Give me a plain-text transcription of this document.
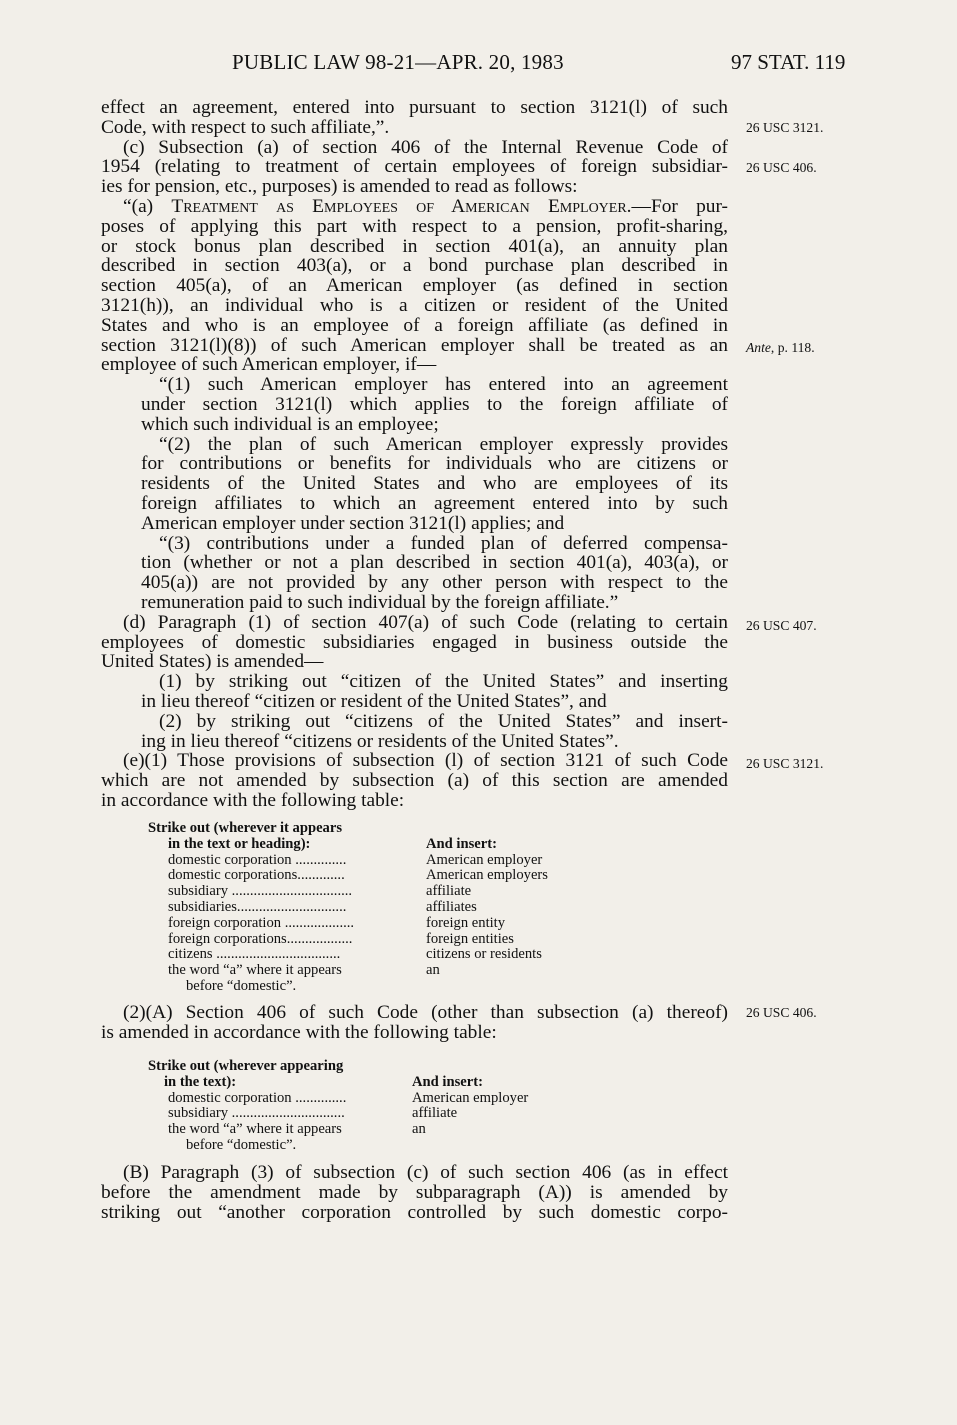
PUBLIC LAW 98-21—APR. 20, 1983	97 STAT. 119
effect an agreement, entered into pursuant to section 3121(l) of such
Code, with respect to such affiliate,”.
(c) Subsection (a) of section 406 of the Internal Revenue Code of
1954 (relating to treatment of certain employees of foreign subsidiar-
ies for pension, etc., purposes) is amended to read as follows:
“(a) Treatment as Employees of American Employer.—For pur-
poses of applying this part with respect to a pension, profit-sharing,
or stock bonus plan described in section 401(a), an annuity plan
described in section 403(a), or a bond purchase plan described in
section 405(a), of an American employer (as defined in section
3121(h)), an individual who is a citizen or resident of the United
States and who is an employee of a foreign affiliate (as defined in
section 3121(l)(8)) of such American employer shall be treated as an
employee of such American employer, if—
“(1) such American employer has entered into an agreement
under section 3121(l) which applies to the foreign affiliate of
which such individual is an employee;
“(2) the plan of such American employer expressly provides
for contributions or benefits for individuals who are citizens or
residents of the United States and who are employees of its
foreign affiliates to which an agreement entered into by such
American employer under section 3121(l) applies; and
“(3) contributions under a funded plan of deferred compensa-
tion (whether or not a plan described in section 401(a), 403(a), or
405(a)) are not provided by any other person with respect to the
remuneration paid to such individual by the foreign affiliate.”
(d) Paragraph (1) of section 407(a) of such Code (relating to certain
employees of domestic subsidiaries engaged in business outside the
United States) is amended—
(1) by striking out “citizen of the United States” and inserting
in lieu thereof “citizen or resident of the United States”, and
(2) by striking out “citizens of the United States” and insert-
ing in lieu thereof “citizens or residents of the United States”.
(e)(1) Those provisions of subsection (l) of section 3121 of such Code
which are not amended by subsection (a) of this section are amended
in accordance with the following table:
26 USC 3121.
26 USC 406.
Ante, p. 118.
26 USC 407.
26 USC 3121.
26 USC 406.
Strike out (wherever it appears
in the text or heading):	And insert:
domestic corporation ..............	American employer
domestic corporations.............	American employers
subsidiary .................................	affiliate
subsidiaries..............................	affiliates
foreign corporation ...................	foreign entity
foreign corporations..................	foreign entities
citizens ..................................	citizens or residents
the word “a” where it appears	an
before “domestic”.
(2)(A) Section 406 of such Code (other than subsection (a) thereof)
is amended in accordance with the following table:
Strike out (wherever appearing
in the text):	And insert:
domestic corporation ..............	American employer
subsidiary ...............................	affiliate
the word “a” where it appears	an
before “domestic”.
(B) Paragraph (3) of subsection (c) of such section 406 (as in effect
before the amendment made by subparagraph (A)) is amended by
striking out “another corporation controlled by such domestic corpo-
